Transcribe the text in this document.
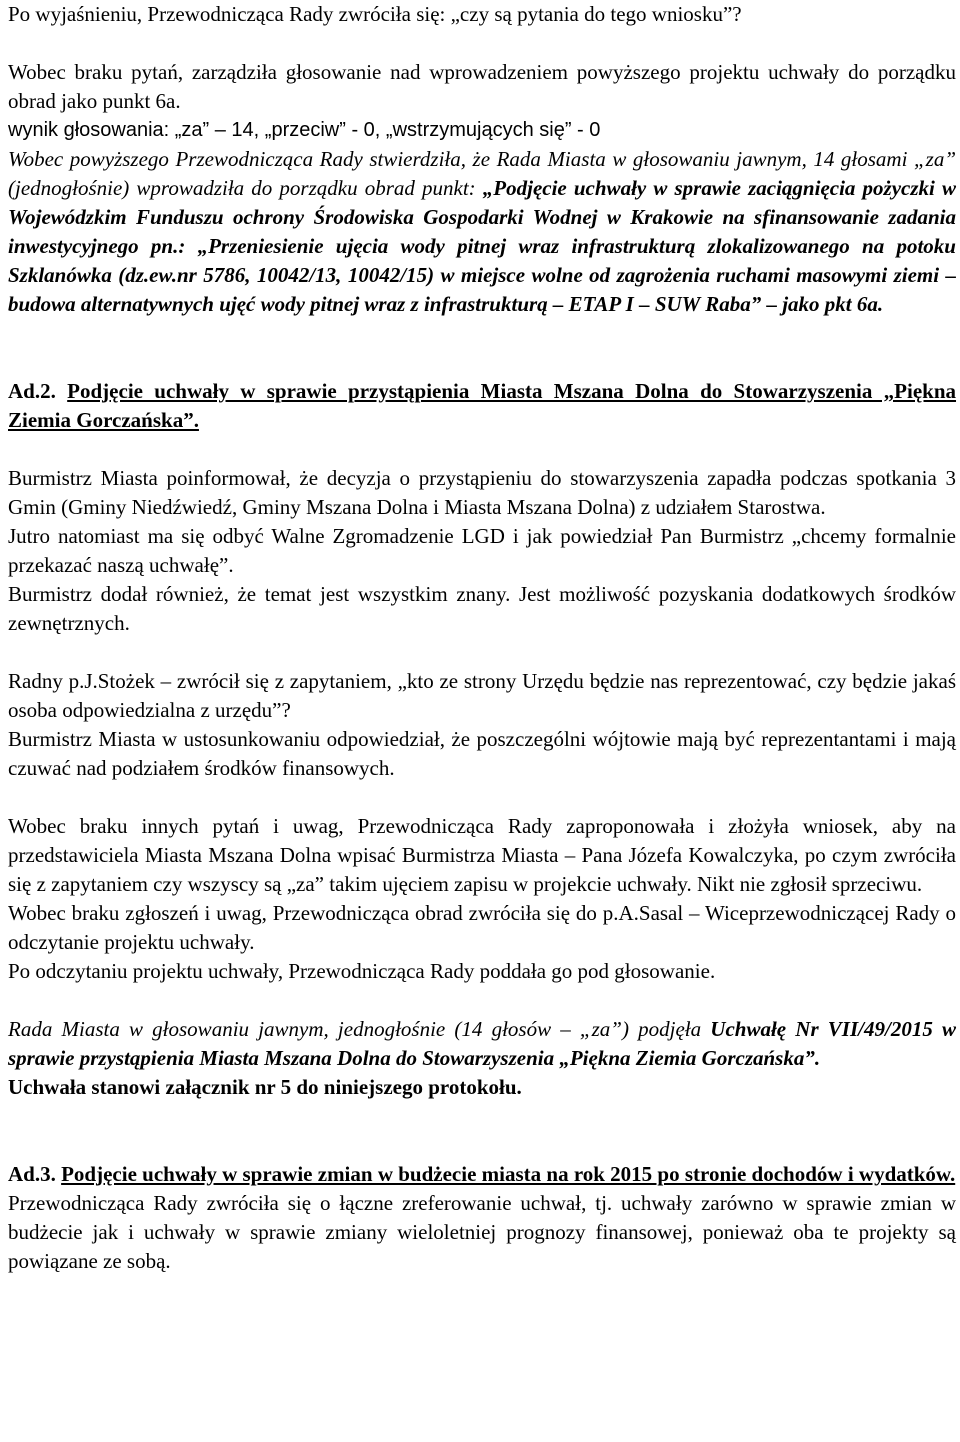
Po wyjaśnieniu, Przewodnicząca Rady zwróciła się: „czy są pytania do tego wniosku”?

Wobec braku pytań, zarządziła głosowanie nad wprowadzeniem powyższego projektu uchwały do porządku obrad jako punkt 6a.

wynik głosowania: „za” – 14, „przeciw” - 0, „wstrzymujących się” - 0

Wobec powyższego Przewodnicząca Rady stwierdziła, że Rada Miasta w głosowaniu jawnym, 14 głosami „za” (jednogłośnie) wprowadziła do porządku obrad punkt: „Podjęcie uchwały w sprawie zaciągnięcia pożyczki w Wojewódzkim Funduszu ochrony Środowiska Gospodarki Wodnej w Krakowie na sfinansowanie zadania inwestycyjnego pn.: „Przeniesienie ujęcia wody pitnej wraz infrastrukturą zlokalizowanego na potoku Szklanówka (dz.ew.nr 5786, 10042/13, 10042/15) w miejsce wolne od zagrożenia ruchami masowymi ziemi – budowa alternatywnych ujęć wody pitnej wraz z infrastrukturą – ETAP I – SUW Raba” – jako pkt 6a.

Ad.2. Podjęcie uchwały w sprawie przystąpienia Miasta Mszana Dolna do Stowarzyszenia „Piękna Ziemia Gorczańska”.

Burmistrz Miasta poinformował, że decyzja o przystąpieniu do stowarzyszenia zapadła podczas spotkania 3 Gmin (Gminy Niedźwiedź, Gminy Mszana Dolna i Miasta Mszana Dolna) z udziałem Starostwa.

Jutro natomiast ma się odbyć Walne Zgromadzenie LGD i jak powiedział Pan Burmistrz „chcemy formalnie przekazać naszą uchwałę”.

Burmistrz dodał również, że temat jest wszystkim znany. Jest możliwość pozyskania dodatkowych środków zewnętrznych.

Radny p.J.Stożek – zwrócił się z zapytaniem, „kto ze strony Urzędu będzie nas reprezentować, czy będzie jakaś osoba odpowiedzialna z urzędu”?

Burmistrz Miasta w ustosunkowaniu odpowiedział, że poszczególni wójtowie mają być reprezentantami i mają czuwać nad podziałem środków finansowych.

Wobec braku innych pytań i uwag, Przewodnicząca Rady zaproponowała i złożyła wniosek, aby na przedstawiciela Miasta Mszana Dolna wpisać Burmistrza Miasta – Pana Józefa Kowalczyka, po czym zwróciła się z zapytaniem czy wszyscy są „za” takim ujęciem zapisu w projekcie uchwały. Nikt nie zgłosił sprzeciwu.

Wobec braku zgłoszeń i uwag, Przewodnicząca obrad zwróciła się do p.A.Sasal – Wiceprzewodniczącej Rady o odczytanie projektu uchwały.

Po odczytaniu projektu uchwały, Przewodnicząca Rady poddała go pod głosowanie.

Rada Miasta w głosowaniu jawnym, jednogłośnie (14 głosów – „za”) podjęła Uchwałę Nr VII/49/2015 w sprawie przystąpienia Miasta Mszana Dolna do Stowarzyszenia „Piękna Ziemia Gorczańska”.

Uchwała stanowi załącznik nr 5 do niniejszego protokołu.

Ad.3. Podjęcie uchwały w sprawie zmian w budżecie miasta na rok 2015 po stronie dochodów i wydatków.

Przewodnicząca Rady zwróciła się o łączne zreferowanie uchwał, tj. uchwały zarówno w sprawie zmian w budżecie jak i uchwały w sprawie zmiany wieloletniej prognozy finansowej, ponieważ oba te projekty są powiązane ze sobą.
